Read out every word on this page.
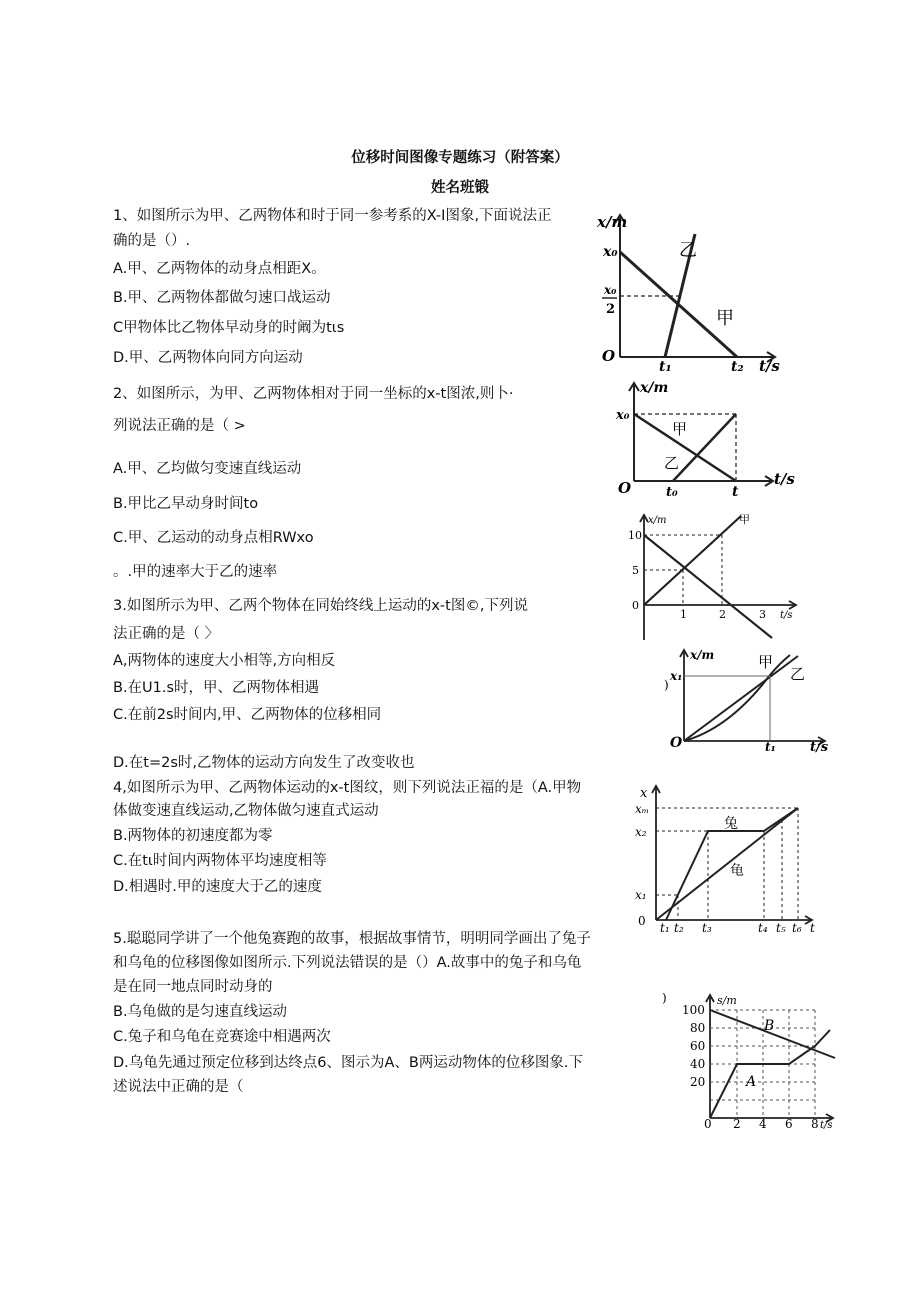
位移时间图像专题练习（附答案）
姓名班锻
1、如图所示为甲、乙两物体和时于同一参考系的X-I图象,下面说法正
确的是（）.
A.甲、乙两物体的动身点相距X。
B.甲、乙两物体都做匀速口战运动
C甲物体比乙物体早动身的时阚为tιs
D.甲、乙两物体向同方向运动
2、如图所示，为甲、乙两物体相对于同一坐标的x-t图浓,则卜·
列说法正确的是（ >
A.甲、乙均做匀变速直线运动
B.甲比乙早动身时间to
C.甲、乙运动的动身点相RWxo
。.甲的速率大于乙的速率
3.如图所示为甲、乙两个物体在同始终线上运动的x-t图©,下列说
法正确的是（ 〉
A,两物体的速度大小相等,方向相反
B.在U1.s时，甲、乙两物体相遇
C.在前2s时间内,甲、乙两物体的位移相同
D.在t=2s时,乙物体的运动方向发生了改变收也
4,如图所示为甲、乙两物体运动的x-t图纹，则下列说法正福的是（A.甲物
体做变速直线运动,乙物体做匀速直式运动
B.两物体的初速度都为零
C.在tι时间内两物体平均速度相等
D.相遇时.甲的速度大于乙的速度
5.聪聪同学讲了一个他兔赛跑的故事，根据故事情节，明明同学画出了兔子
和乌龟的位移图像如图所示.下列说法错误的是（）A.故事中的兔子和乌龟
是在同一地点同时动身的
B.乌龟做的是匀速直线运动
C.兔子和乌龟在竞赛途中相遇两次
D.乌龟先通过预定位移到达终点6、图示为A、B两运动物体的位移图象.下
述说法中正确的是（
x/m
x₀
x₀
2
O
t₁	t₂ t/s
乙
甲
x/m
x₀
O	t₀	t
t/s
甲
乙
x/m	甲
10
5
0
1	2	3 t/s
)
x/m
x₁
O	t₁	t/s
甲
乙
x
xₘ
x₂
x₁
0 t₁ t₂ t₃	t₄ t₅ t₆ t
兔
龟
)	s/m
100
80
60
40
20
0 2 4 6 8 t/s
A
B
